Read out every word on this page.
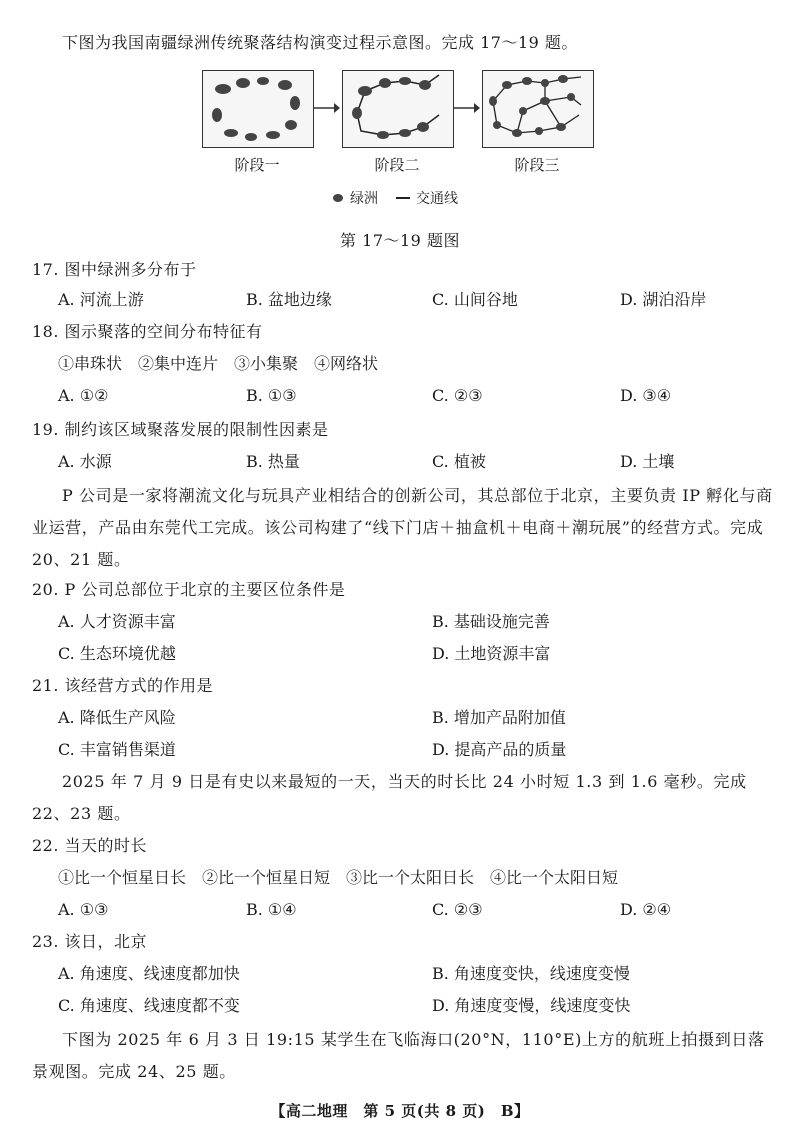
下图为我国南疆绿洲传统聚落结构演变过程示意图。完成 17～19 题。
阶段一	阶段二	阶段三
绿洲	交通线
第 17～19 题图
17. 图中绿洲多分布于
A. 河流上游	B. 盆地边缘	C. 山间谷地	D. 湖泊沿岸
18. 图示聚落的空间分布特征有
①串珠状　②集中连片　③小集聚　④网络状
A. ①②	B. ①③	C. ②③	D. ③④
19. 制约该区域聚落发展的限制性因素是
A. 水源	B. 热量	C. 植被	D. 土壤
P 公司是一家将潮流文化与玩具产业相结合的创新公司，其总部位于北京，主要负责 IP 孵化与商业运营，产品由东莞代工完成。该公司构建了“线下门店＋抽盒机＋电商＋潮玩展”的经营方式。完成 20、21 题。
20. P 公司总部位于北京的主要区位条件是
A. 人才资源丰富	B. 基础设施完善
C. 生态环境优越	D. 土地资源丰富
21. 该经营方式的作用是
A. 降低生产风险	B. 增加产品附加值
C. 丰富销售渠道	D. 提高产品的质量
2025 年 7 月 9 日是有史以来最短的一天，当天的时长比 24 小时短 1.3 到 1.6 毫秒。完成 22、23 题。
22. 当天的时长
①比一个恒星日长　②比一个恒星日短　③比一个太阳日长　④比一个太阳日短
A. ①③	B. ①④	C. ②③	D. ②④
23. 该日，北京
A. 角速度、线速度都加快	B. 角速度变快，线速度变慢
C. 角速度、线速度都不变	D. 角速度变慢，线速度变快
下图为 2025 年 6 月 3 日 19:15 某学生在飞临海口(20°N，110°E)上方的航班上拍摄到日落景观图。完成 24、25 题。
【高二地理　第 5 页(共 8 页)　B】
